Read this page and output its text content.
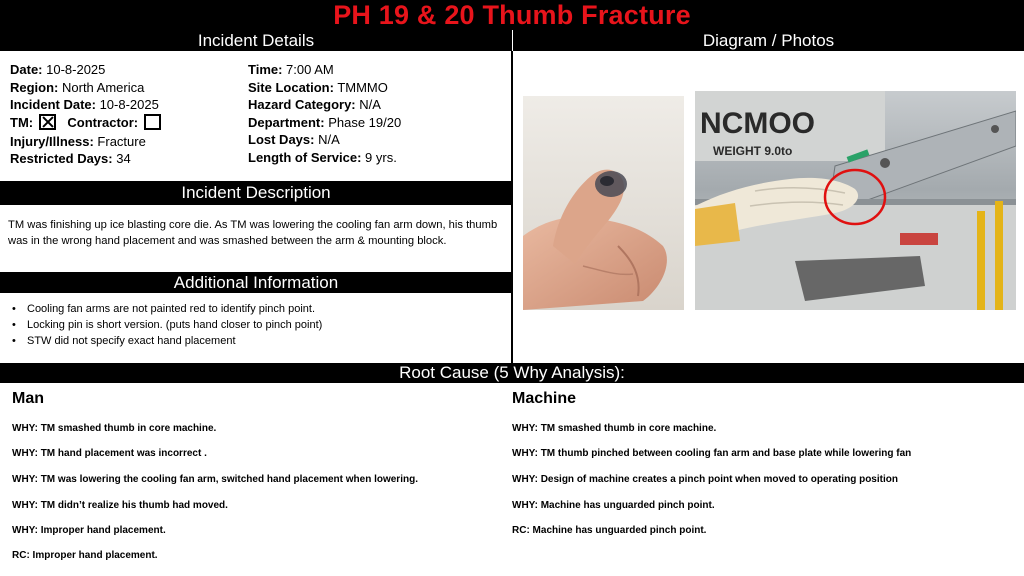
PH 19 & 20 Thumb Fracture
Incident Details	Diagram / Photos
Date: 10-8-2025
Region: North America
Incident Date: 10-8-2025
TM:	Contractor:
Injury/Illness: Fracture
Restricted Days: 34
Time: 7:00 AM
Site Location: TMMMO
Hazard Category: N/A
Department: Phase 19/20
Lost Days: N/A
Length of Service: 9 yrs.
Incident Description
TM was finishing up ice blasting core die. As TM was lowering the cooling fan arm down, his thumb was in the wrong hand placement and was smashed between the arm & mounting block.
Additional Information
• Cooling fan arms are not painted red to identify pinch point.
• Locking pin is short version. (puts hand closer to pinch point)
• STW did not specify exact hand placement
NCMOO
WEIGHT 9.0to
Root Cause (5 Why Analysis):
Man
WHY: TM smashed thumb in core machine.
WHY: TM hand placement was incorrect .
WHY: TM was lowering the cooling fan arm, switched hand placement when lowering.
WHY: TM didn’t realize his thumb had moved.
WHY: Improper hand placement.
RC: Improper hand placement.
Machine
WHY: TM smashed thumb in core machine.
WHY: TM thumb pinched between cooling fan arm and base plate while lowering fan
WHY: Design of machine creates a pinch point when moved to operating position
WHY: Machine has unguarded pinch point.
RC: Machine has unguarded pinch point.
